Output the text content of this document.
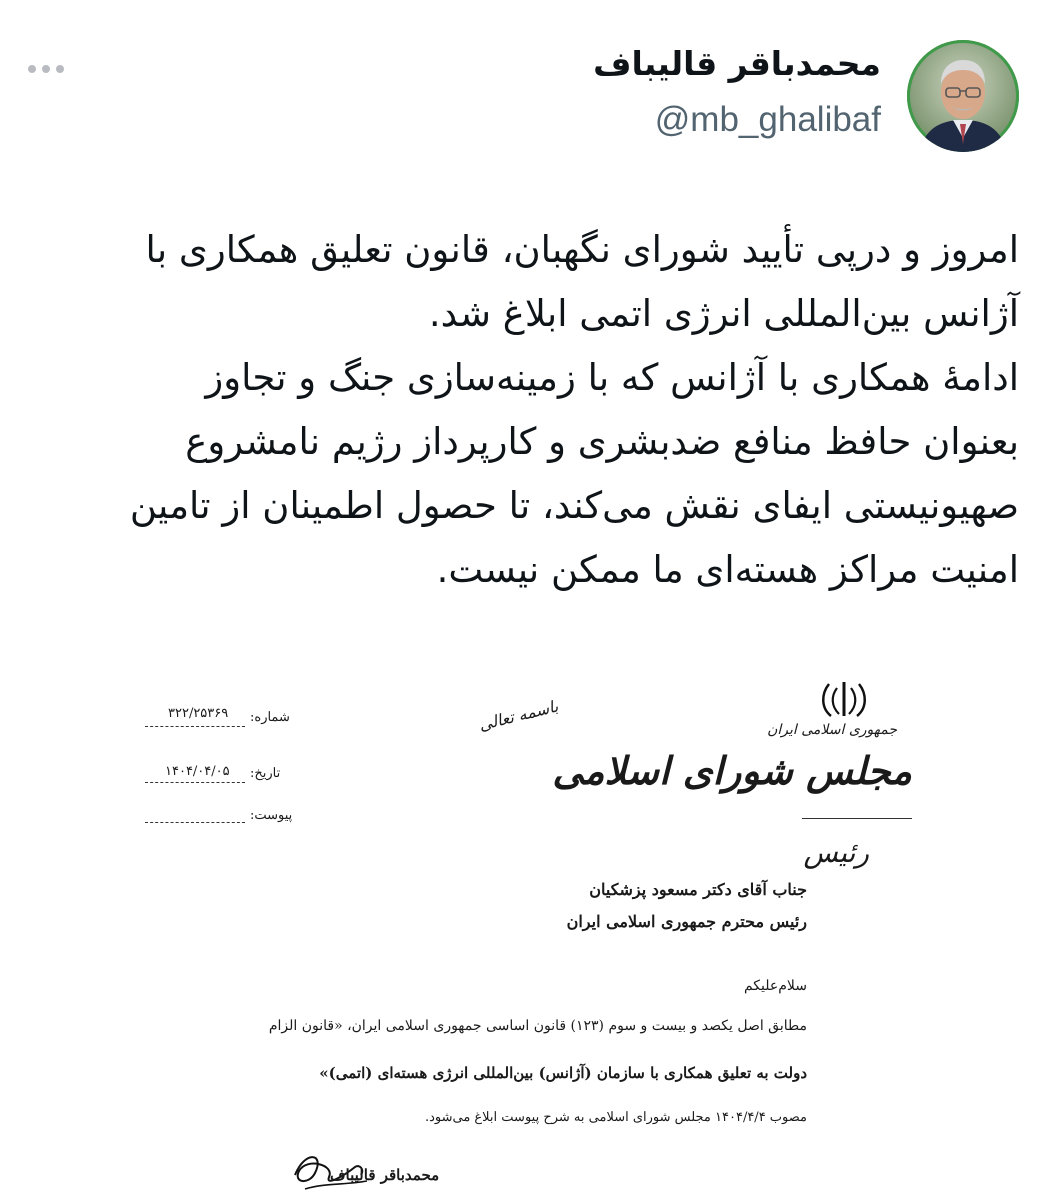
محمدباقر قالیباف
@mb_ghalibaf

امروز و درپی تأیید شورای نگهبان، قانون تعلیق همکاری با

آژانس بین‌المللی انرژی اتمی ابلاغ شد.

ادامهٔ همکاری با آژانس که با زمینه‌سازی جنگ و تجاوز

بعنوان حافظ منافع ضدبشری و کارپرداز رژیم نامشروع

صهیونیستی ایفای نقش می‌کند، تا حصول اطمینان از تامین

امنیت مراکز هسته‌ای ما ممکن نیست.

جمهوری اسلامی ایران
مجلس شورای اسلامی
رئیس
باسمه تعالی
شماره:
۳۲۲/۲۵۳۶۹
تاریخ:
۱۴۰۴/۰۴/۰۵
پیوست:
جناب آقای دکتر مسعود پزشکیان
رئیس محترم جمهوری اسلامی ایران
سلام‌علیکم
مطابق اصل یکصد و بیست و سوم (۱۲۳) قانون اساسی جمهوری اسلامی ایران، «قانون الزام
دولت به تعلیق همکاری با سازمان (آژانس) بین‌المللی انرژی هسته‌ای (اتمی)»
مصوب ۱۴۰۴/۴/۴ مجلس شورای اسلامی به شرح پیوست ابلاغ می‌شود.
محمدباقر قالیباف
